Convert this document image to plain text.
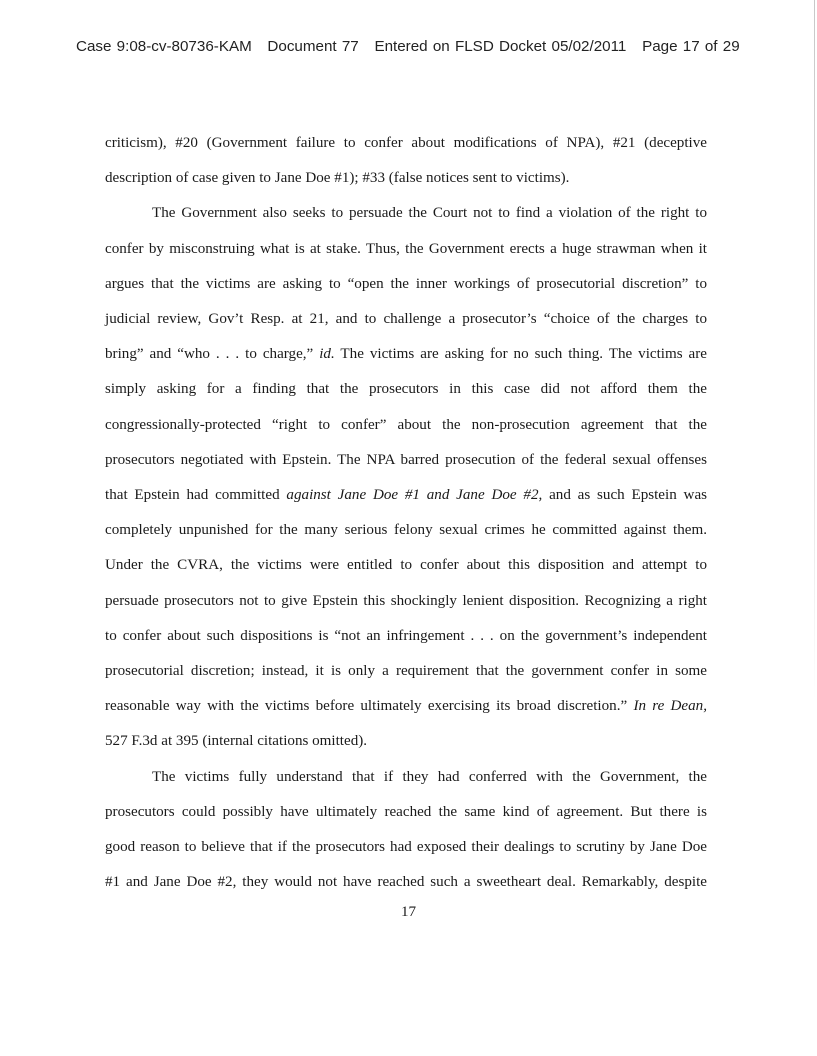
Case 9:08-cv-80736-KAM Document 77 Entered on FLSD Docket 05/02/2011 Page 17 of 29

criticism), #20 (Government failure to confer about modifications of NPA), #21 (deceptive

description of case given to Jane Doe #1); #33 (false notices sent to victims).

The Government also seeks to persuade the Court not to find a violation of the right to

confer by misconstruing what is at stake. Thus, the Government erects a huge strawman when it

argues that the victims are asking to “open the inner workings of prosecutorial discretion” to

judicial review, Gov’t Resp. at 21, and to challenge a prosecutor’s “choice of the charges to

bring” and “who . . . to charge,” id. The victims are asking for no such thing. The victims are

simply asking for a finding that the prosecutors in this case did not afford them the

congressionally-protected “right to confer” about the non-prosecution agreement that the

prosecutors negotiated with Epstein. The NPA barred prosecution of the federal sexual offenses

that Epstein had committed against Jane Doe #1 and Jane Doe #2, and as such Epstein was

completely unpunished for the many serious felony sexual crimes he committed against them.

Under the CVRA, the victims were entitled to confer about this disposition and attempt to

persuade prosecutors not to give Epstein this shockingly lenient disposition. Recognizing a right

to confer about such dispositions is “not an infringement . . . on the government’s independent

prosecutorial discretion; instead, it is only a requirement that the government confer in some

reasonable way with the victims before ultimately exercising its broad discretion.” In re Dean,

527 F.3d at 395 (internal citations omitted).

The victims fully understand that if they had conferred with the Government, the

prosecutors could possibly have ultimately reached the same kind of agreement. But there is

good reason to believe that if the prosecutors had exposed their dealings to scrutiny by Jane Doe

#1 and Jane Doe #2, they would not have reached such a sweetheart deal. Remarkably, despite

17
